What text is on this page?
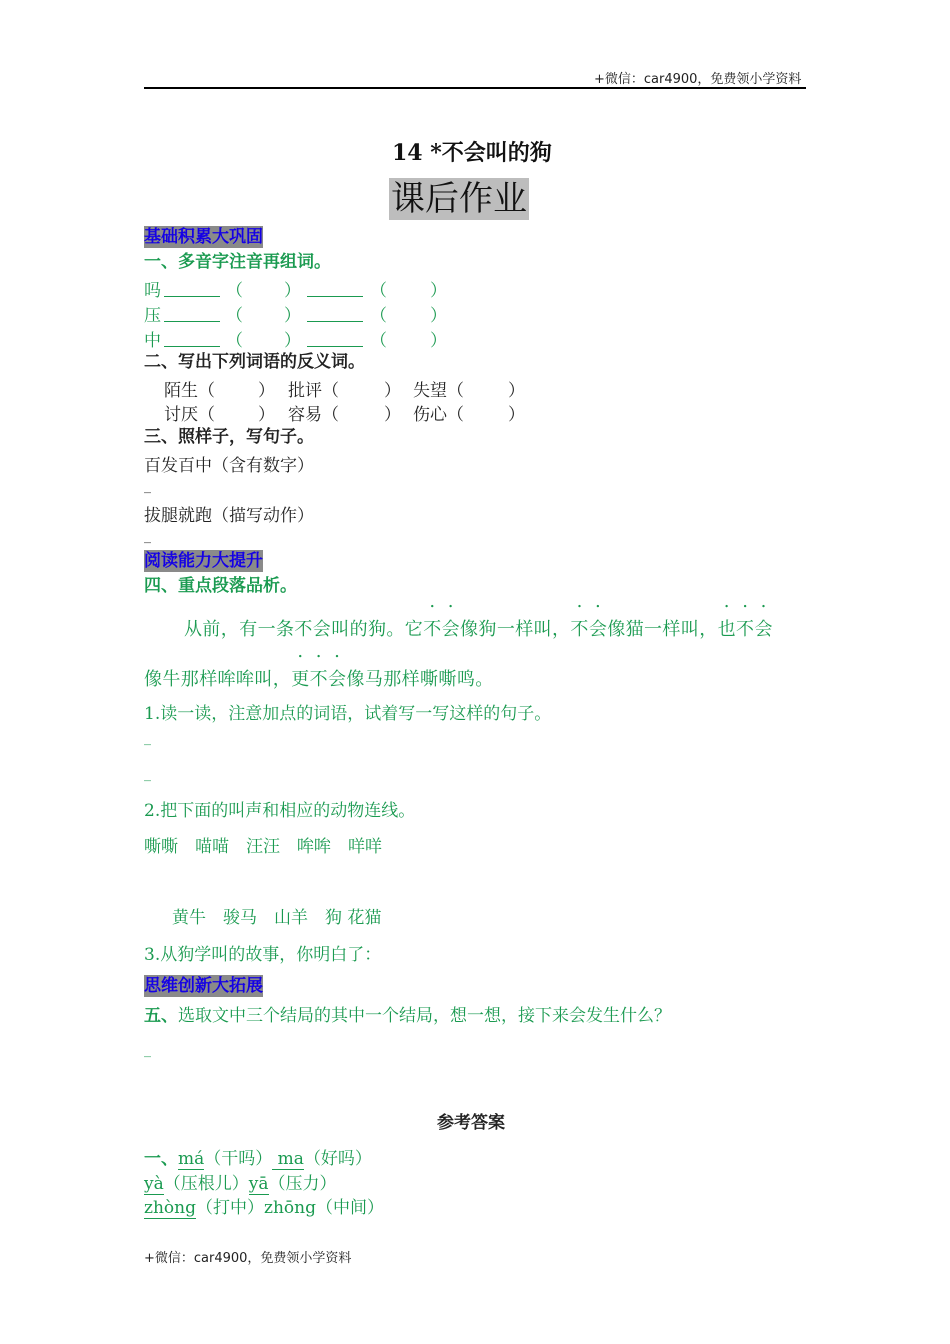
+微信：car4900，免费领小学资料
14 *不会叫的狗
课后作业
基础积累大巩固
一、多音字注音再组词。
吗	（ ）	（	）
压	（ ）	（	）
中	（ ）	（	）
二、写出下列词语的反义词。
陌生（	） 批评（	） 失望（	）
讨厌（	） 容易（	） 伤心（	）
三、照样子，写句子。
百发百中（含有数字）
_
拔腿就跑（描写动作）
_
阅读能力大提升
四、重点段落品析。
从前，有一条不会叫的狗。它不会像狗一样叫，不会像猫一样叫，也不会
像牛那样哞哞叫，更不会像马那样嘶嘶鸣。
1.读一读，注意加点的词语，试着写一写这样的句子。
_
_
2.把下面的叫声和相应的动物连线。
嘶嘶　喵喵　汪汪　哞哞　咩咩
黄牛　骏马　山羊　狗 花猫
3.从狗学叫的故事，你明白了：
思维创新大拓展
五、选取文中三个结局的其中一个结局，想一想，接下来会发生什么？
_
参考答案
一、má（干吗） ma（好吗）
yà（压根儿）yā（压力）
zhòng（打中）zhōng（中间）
+微信：car4900，免费领小学资料
